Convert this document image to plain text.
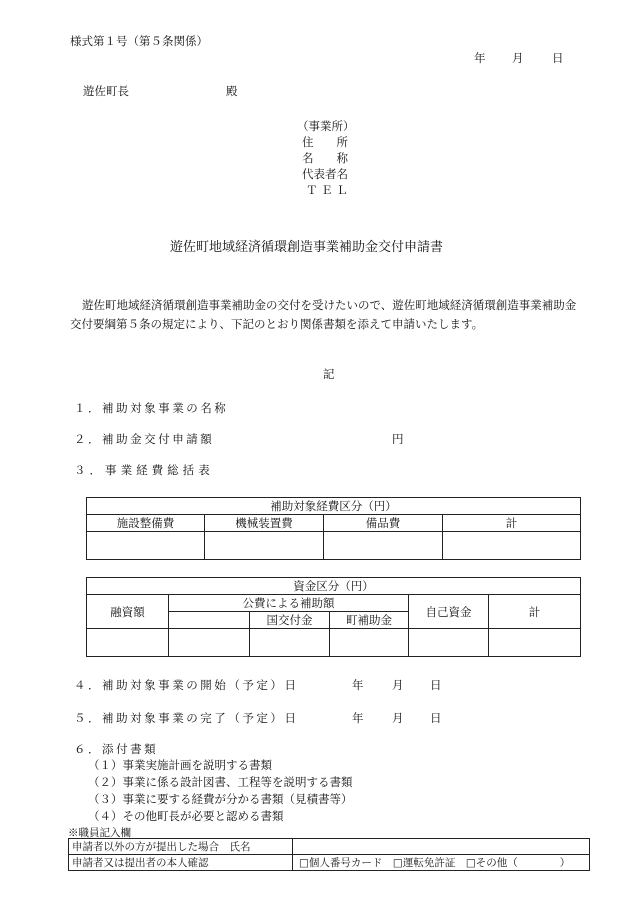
様式第１号（第５条関係）
年 月 日
遊佐町長	殿
（事業所）
住　　所
名　　称
代表者名
Ｔ Ｅ Ｌ
遊佐町地域経済循環創造事業補助金交付申請書
遊佐町地域経済循環創造事業補助金の交付を受けたいので、遊佐町地域経済循環創造事業補助金交付要綱第５条の規定により、下記のとおり関係書類を添えて申請いたします。
記
１．補助対象事業の名称
２．補助金交付申請額	円
３．事業経費総括表
補助対象経費区分（円）			
施設整備費	機械装置費	備品費	計

資金区分（円）					
融資額	公費による補助額			自己資金	計
		国交付金	町補助金		

４．補助対象事業の開始（予定）日	年 月 日
５．補助対象事業の完了（予定）日	年 月 日
６．添付書類
（１）事業実施計画を説明する書類
（２）事業に係る設計図書、工程等を説明する書類
（３）事業に要する経費が分かる書類（見積書等）
（４）その他町長が必要と認める書類
※職員記入欄
申請者以外の方が提出した場合　氏名	
申請者又は提出者の本人確認	□個人番号カード　 □運転免許証　 □その他（　　　　）
